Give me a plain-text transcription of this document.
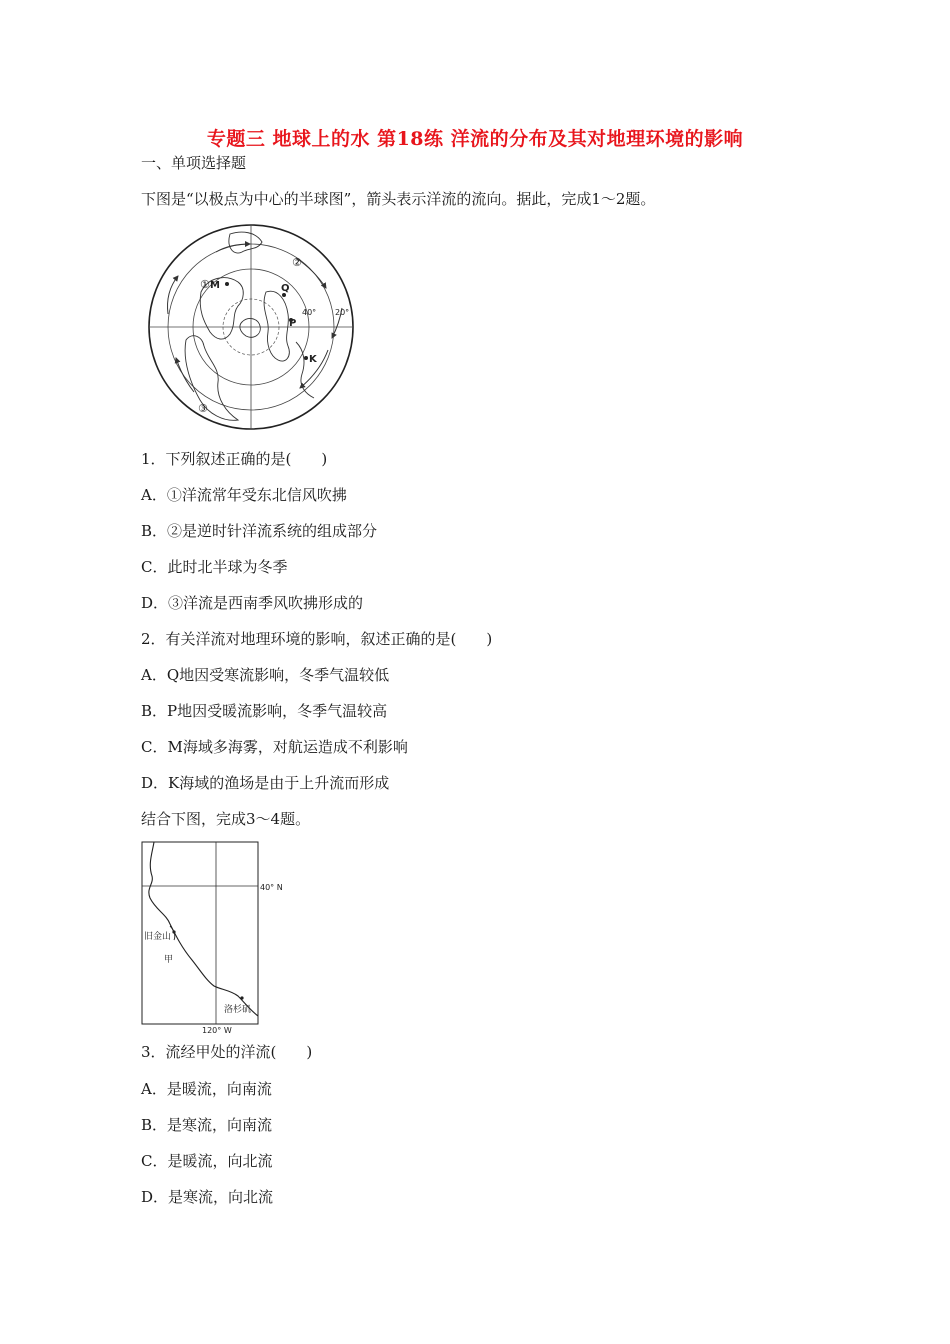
专题三 地球上的水 第18练 洋流的分布及其对地理环境的影响
一、单项选择题
下图是“以极点为中心的半球图”，箭头表示洋流的流向。据此，完成1～2题。
M	Q
P
K
①
②
③
40° 20°
1．下列叙述正确的是(　　)
A．①洋流常年受东北信风吹拂
B．②是逆时针洋流系统的组成部分
C．此时北半球为冬季
D．③洋流是西南季风吹拂形成的
2．有关洋流对地理环境的影响，叙述正确的是(　　)
A．Q地因受寒流影响，冬季气温较低
B．P地因受暖流影响，冬季气温较高
C．M海域多海雾，对航运造成不利影响
D．K海域的渔场是由于上升流而形成
结合下图，完成3～4题。
40° N
120° W
旧金山
甲
洛杉矶
3．流经甲处的洋流(　　)
A．是暖流，向南流
B．是寒流，向南流
C．是暖流，向北流
D．是寒流，向北流
